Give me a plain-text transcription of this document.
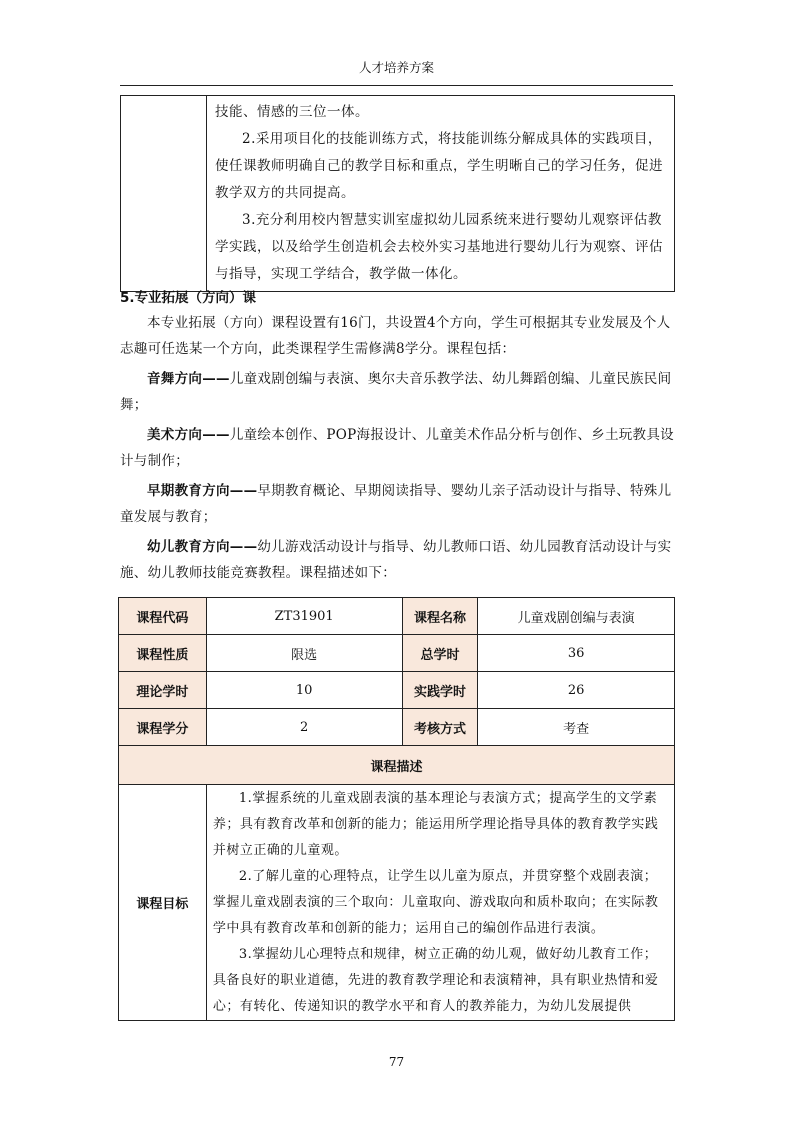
人才培养方案

技能、情感的三位一体。

2.采用项目化的技能训练方式，将技能训练分解成具体的实践项目，使任课教师明确自己的教学目标和重点，学生明晰自己的学习任务，促进教学双方的共同提高。

3.充分利用校内智慧实训室虚拟幼儿园系统来进行婴幼儿观察评估教学实践，以及给学生创造机会去校外实习基地进行婴幼儿行为观察、评估与指导，实现工学结合，教学做一体化。

5.专业拓展（方向）课

本专业拓展（方向）课程设置有16门，共设置4个方向，学生可根据其专业发展及个人志趣可任选某一个方向，此类课程学生需修满8学分。课程包括：

音舞方向——儿童戏剧创编与表演、奥尔夫音乐教学法、幼儿舞蹈创编、儿童民族民间舞；

美术方向——儿童绘本创作、POP海报设计、儿童美术作品分析与创作、乡土玩教具设计与制作；

早期教育方向——早期教育概论、早期阅读指导、婴幼儿亲子活动设计与指导、特殊儿童发展与教育；

幼儿教育方向——幼儿游戏活动设计与指导、幼儿教师口语、幼儿园教育活动设计与实施、幼儿教师技能竞赛教程。课程描述如下：

课程代码	ZT31901	课程名称	儿童戏剧创编与表演
课程性质	限选	总学时	36
理论学时	10	实践学时	26
课程学分	2	考核方式	考查
课程描述			
课程目标	1.掌握系统的儿童戏剧表演的基本理论与表演方式；提高学生的文学素养；具有教育改革和创新的能力；能运用所学理论指导具体的教育教学实践并树立正确的儿童观。

2.了解儿童的心理特点，让学生以儿童为原点，并贯穿整个戏剧表演；掌握儿童戏剧表演的三个取向：儿童取向、游戏取向和质朴取向；在实际教学中具有教育改革和创新的能力；运用自己的编创作品进行表演。

3.掌握幼儿心理特点和规律，树立正确的幼儿观，做好幼儿教育工作；具备良好的职业道德，先进的教育教学理论和表演精神，具有职业热情和爱心；有转化、传递知识的教学水平和育人的教养能力，为幼儿发展提供		

77
